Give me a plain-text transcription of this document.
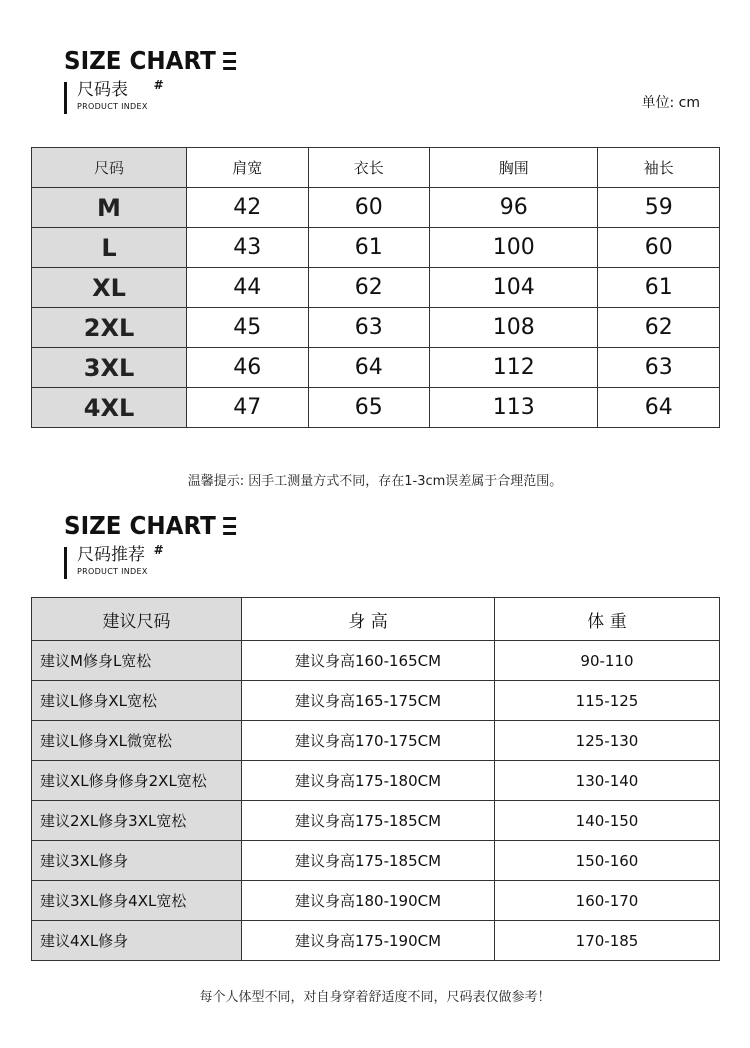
SIZE CHART
尺码表
PRODUCT INDEX
#
单位: cm
尺码	肩宽	衣长	胸围	袖长
M	42	60	96	59
L	43	61	100	60
XL	44	62	104	61
2XL	45	63	108	62
3XL	46	64	112	63
4XL	47	65	113	64
温馨提示: 因手工测量方式不同，存在1-3cm误差属于合理范围。
SIZE CHART
尺码推荐
PRODUCT INDEX
#
建议尺码	身 高	体 重
建议M修身L宽松	建议身高160-165CM	90-110
建议L修身XL宽松	建议身高165-175CM	115-125
建议L修身XL微宽松	建议身高170-175CM	125-130
建议XL修身修身2XL宽松	建议身高175-180CM	130-140
建议2XL修身3XL宽松	建议身高175-185CM	140-150
建议3XL修身	建议身高175-185CM	150-160
建议3XL修身4XL宽松	建议身高180-190CM	160-170
建议4XL修身	建议身高175-190CM	170-185
每个人体型不同，对自身穿着舒适度不同，尺码表仅做参考！
